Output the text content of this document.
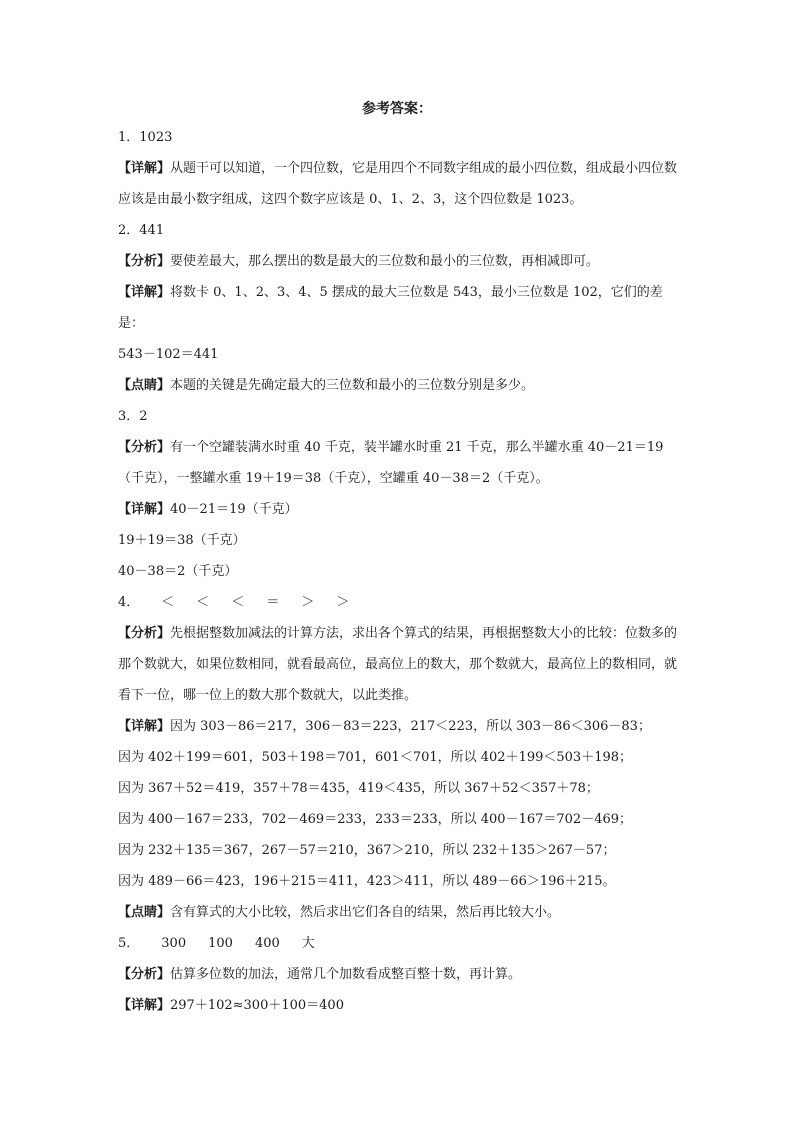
参考答案：
1．1023
【详解】从题干可以知道，一个四位数，它是用四个不同数字组成的最小四位数，组成最小四位数应该是由最小数字组成，这四个数字应该是 0、1、2、3，这个四位数是 1023。
2．441
【分析】要使差最大，那么摆出的数是最大的三位数和最小的三位数，再相减即可。
【详解】将数卡 0、1、2、3、4、5 摆成的最大三位数是 543，最小三位数是 102，它们的差是：
543－102＝441
【点睛】本题的关键是先确定最大的三位数和最小的三位数分别是多少。
3．2
【分析】有一个空罐装满水时重 40 千克，装半罐水时重 21 千克，那么半罐水重 40－21＝19（千克），一整罐水重 19＋19＝38（千克），空罐重 40－38＝2（千克）。
【详解】40－21＝19（千克）
19＋19＝38（千克）
40－38＝2（千克）
4． ＜ ＜ ＜ ＝ ＞ ＞
【分析】先根据整数加减法的计算方法，求出各个算式的结果，再根据整数大小的比较：位数多的那个数就大，如果位数相同，就看最高位，最高位上的数大，那个数就大，最高位上的数相同，就看下一位，哪一位上的数大那个数就大，以此类推。
【详解】因为 303－86＝217，306－83＝223，217＜223，所以 303－86＜306－83；
因为 402＋199＝601，503＋198＝701，601＜701，所以 402＋199＜503＋198；
因为 367＋52＝419，357＋78＝435，419＜435，所以 367＋52＜357＋78；
因为 400－167＝233，702－469＝233，233＝233，所以 400－167＝702－469；
因为 232＋135＝367，267－57＝210，367＞210，所以 232＋135＞267－57；
因为 489－66＝423，196＋215＝411，423＞411，所以 489－66＞196＋215。
【点睛】含有算式的大小比较，然后求出它们各自的结果，然后再比较大小。
5． 300 100 400 大
【分析】估算多位数的加法，通常几个加数看成整百整十数，再计算。
【详解】297＋102≈300＋100＝400
